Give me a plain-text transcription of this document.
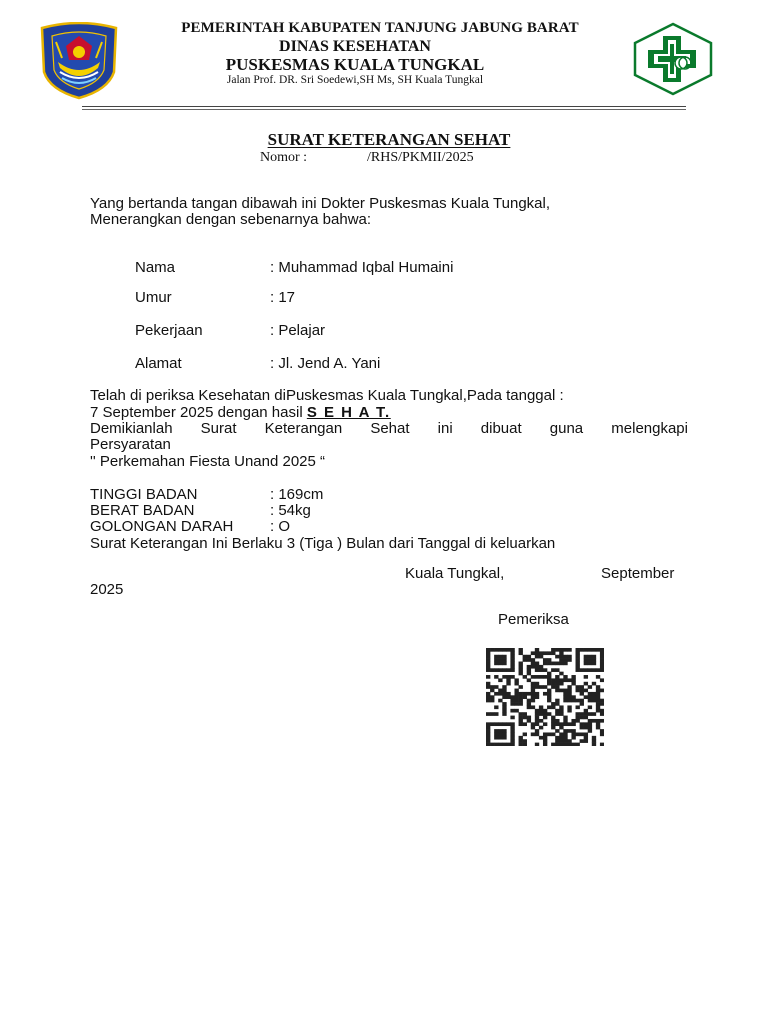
PEMERINTAH KABUPATEN TANJUNG JABUNG BARAT
DINAS KESEHATAN
PUSKESMAS KUALA TUNGKAL
Jalan Prof. DR. Sri Soedewi,SH Ms, SH Kuala Tungkal
SURAT KETERANGAN SEHAT
Nomor :	/RHS/PKMII/2025
Yang bertanda tangan dibawah ini Dokter Puskesmas Kuala Tungkal,
Menerangkan dengan sebenarnya bahwa:
Nama	: Muhammad Iqbal Humaini
Umur	: 17
Pekerjaan	: Pelajar
Alamat	: Jl. Jend A. Yani
Telah di periksa Kesehatan diPuskesmas Kuala Tungkal,Pada tanggal :
7 September 2025 dengan hasil S E H A T.
Demikianlah Surat Keterangan Sehat ini dibuat guna melengkapi
Persyaratan
'' Perkemahan Fiesta Unand 2025 “
TINGGI BADAN	: 169cm
BERAT BADAN	: 54kg
GOLONGAN DARAH : O
Surat Keterangan Ini Berlaku 3 (Tiga ) Bulan dari Tanggal di keluarkan
Kuala Tungkal,	September
2025
Pemeriksa
